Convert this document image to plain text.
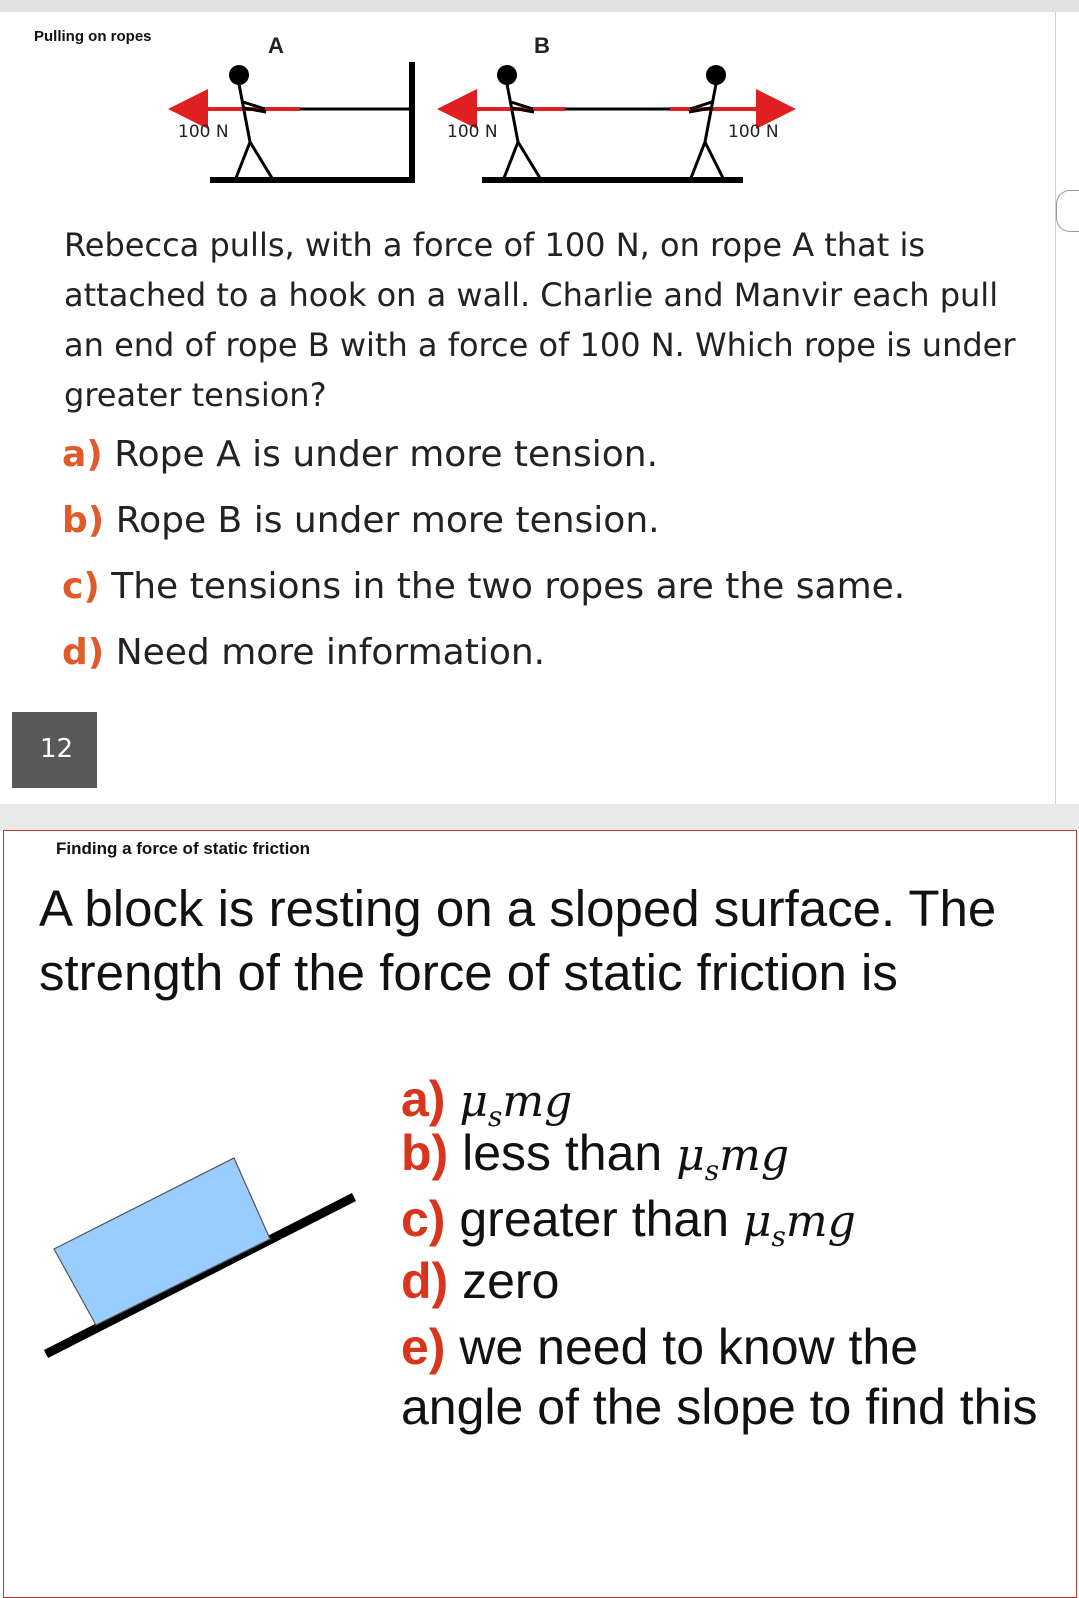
Pulling on ropes	A	B
100 N	100 N	100 N
Rebecca pulls, with a force of 100 N, on rope A that is attached to a hook on a wall. Charlie and Manvir each pull an end of rope B with a force of 100 N. Which rope is under greater tension?
a) Rope A is under more tension.
b) Rope B is under more tension.
c) The tensions in the two ropes are the same.
d) Need more information.
12
Finding a force of static friction
A block is resting on a sloped surface. The strength of the force of static friction is
a) $\mu_smg$
b) less than $\mu_smg$
c) greater than $\mu_smg$
d) zero
e) we need to know the angle of the slope to find this
